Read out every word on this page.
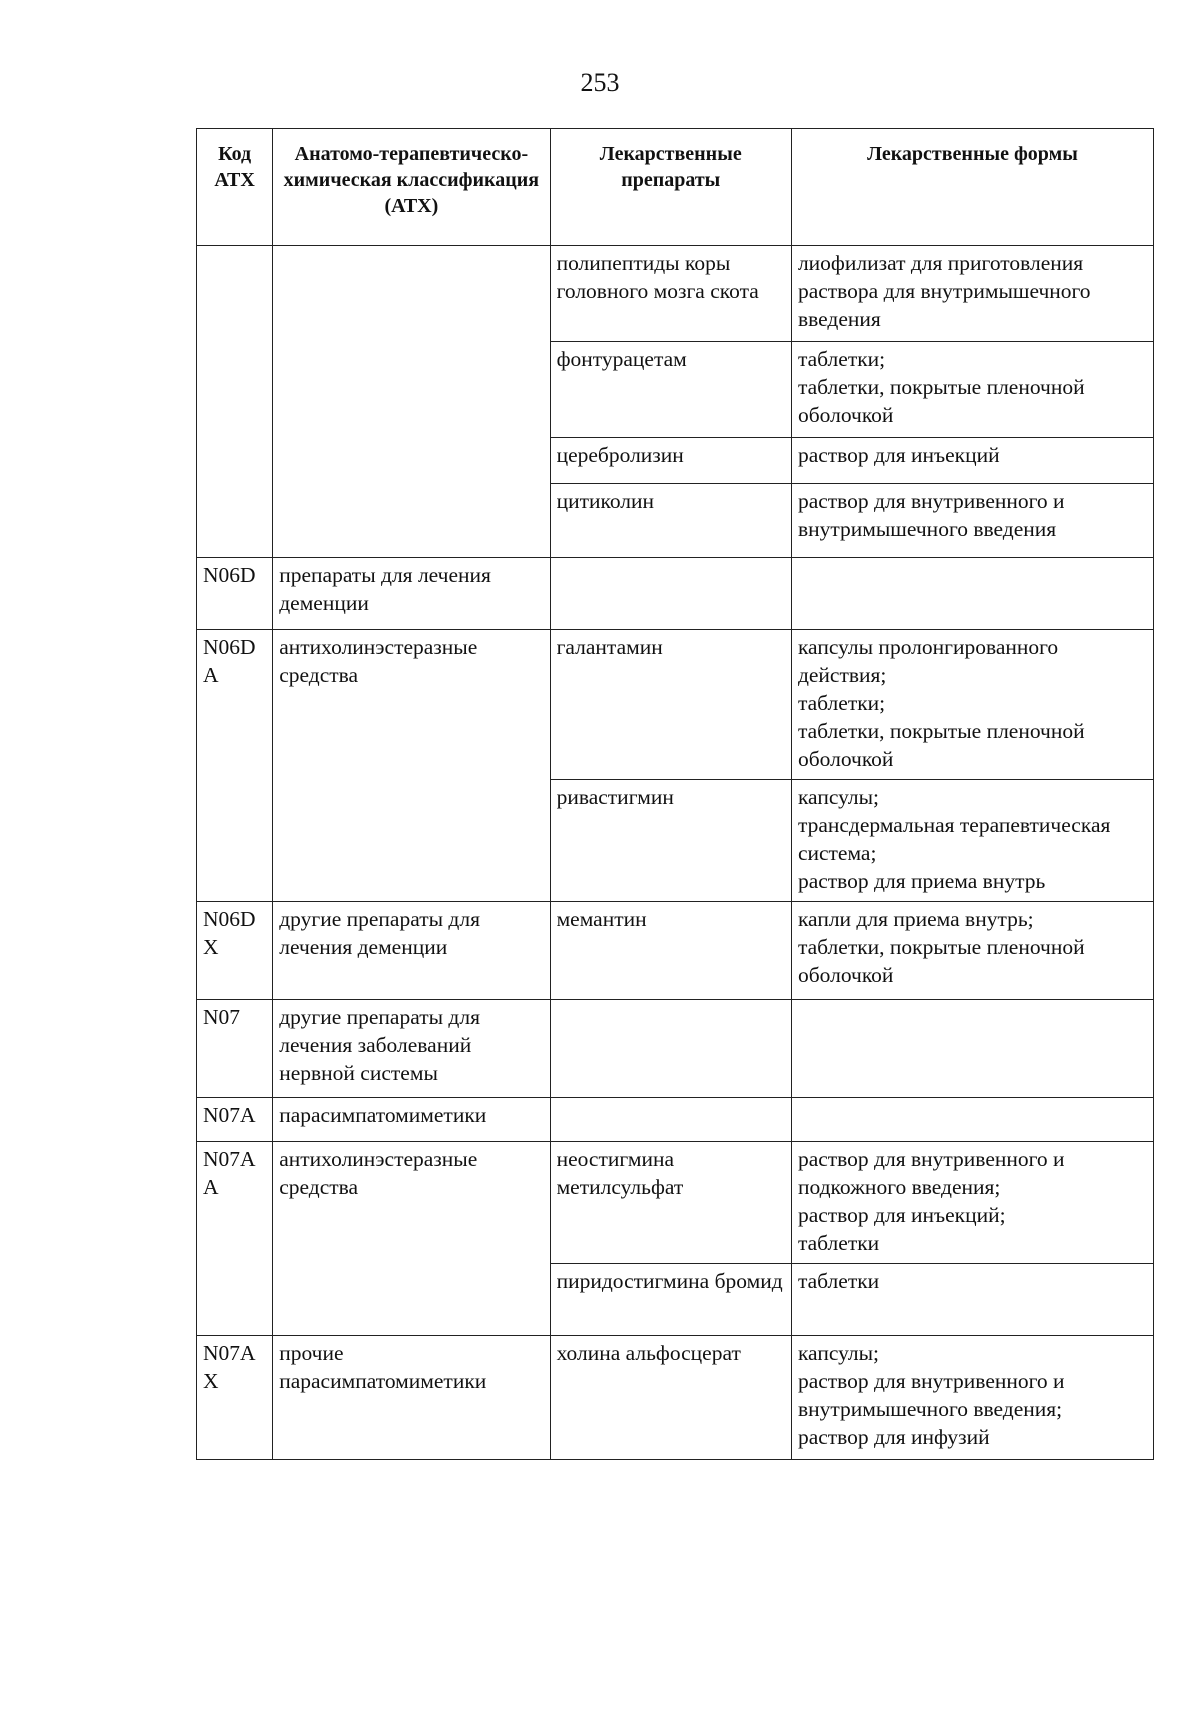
253
Код АТХ	Анатомо-терапевтическо-химическая классификация (АТХ)	Лекарственные препараты	Лекарственные формы
		полипептиды коры головного мозга скота	лиофилизат для приготовления раствора для внутримышечного введения

		фонтурацетам	таблетки;
таблетки, покрытые пленочной оболочкой

		церебролизин	раствор для инъекций

		цитиколин	раствор для внутривенного и внутримышечного введения

N06D	препараты для лечения деменции		
N06DA	антихолинэстеразные средства	галантамин	капсулы пролонгированного действия;
таблетки;
таблетки, покрытые пленочной оболочкой

		ривастигмин	капсулы;
трансдермальная терапевтическая система;
раствор для приема внутрь

N06DX	другие препараты для лечения деменции	мемантин	капли для приема внутрь;
таблетки, покрытые пленочной оболочкой

N07	другие препараты для лечения заболеваний нервной системы		
N07A	парасимпатомиметики		
N07AA	антихолинэстеразные средства	неостигмина метилсульфат	раствор для внутривенного и подкожного введения;
раствор для инъекций;
таблетки

		пиридостигмина бромид	таблетки

N07AX	прочие парасимпатомиметики	холина альфосцерат	капсулы;
раствор для внутривенного и внутримышечного введения;
раствор для инфузий
